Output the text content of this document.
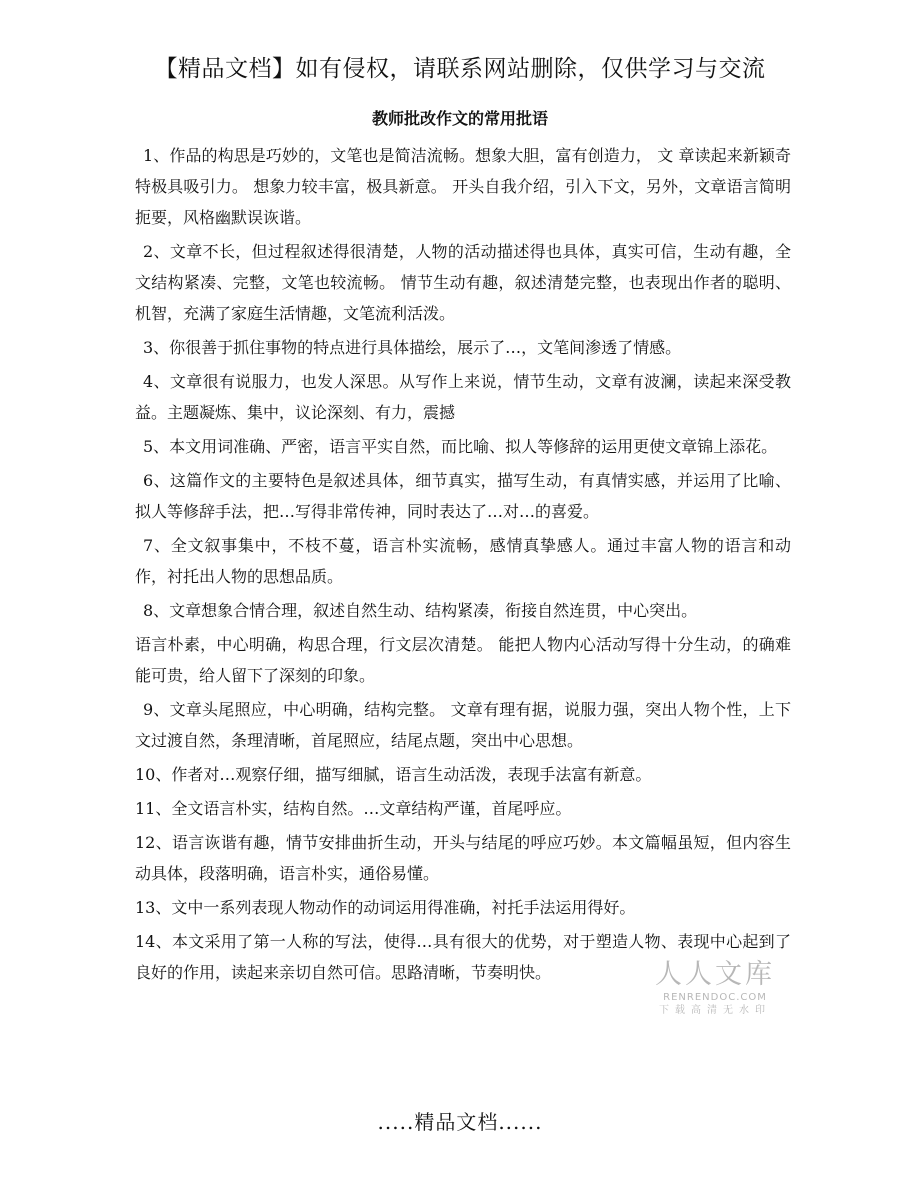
【精品文档】如有侵权，请联系网站删除，仅供学习与交流
教师批改作文的常用批语

1、作品的构思是巧妙的，文笔也是简洁流畅。想象大胆，富有创造力， 文 章读起来新颖奇特极具吸引力。 想象力较丰富，极具新意。 开头自我介绍，引入下文，另外，文章语言简明扼要，风格幽默误诙谐。

2、文章不长，但过程叙述得很清楚，人物的活动描述得也具体，真实可信，生动有趣，全文结构紧凑、完整，文笔也较流畅。 情节生动有趣，叙述清楚完整，也表现出作者的聪明、机智，充满了家庭生活情趣，文笔流利活泼。

3、你很善于抓住事物的特点进行具体描绘，展示了…，文笔间渗透了情感。

4、文章很有说服力，也发人深思。从写作上来说，情节生动，文章有波澜，读起来深受教益。主题凝炼、集中，议论深刻、有力，震撼

5、本文用词准确、严密，语言平实自然，而比喻、拟人等修辞的运用更使文章锦上添花。

6、这篇作文的主要特色是叙述具体，细节真实，描写生动，有真情实感，并运用了比喻、拟人等修辞手法，把…写得非常传神，同时表达了…对…的喜爱。

7、全文叙事集中，不枝不蔓，语言朴实流畅，感情真挚感人。通过丰富人物的语言和动作，衬托出人物的思想品质。

8、文章想象合情合理，叙述自然生动、结构紧凑，衔接自然连贯，中心突出。

语言朴素，中心明确，构思合理，行文层次清楚。 能把人物内心活动写得十分生动，的确难能可贵，给人留下了深刻的印象。

9、文章头尾照应，中心明确，结构完整。 文章有理有据，说服力强，突出人物个性，上下文过渡自然，条理清晰，首尾照应，结尾点题，突出中心思想。

10、作者对…观察仔细，描写细腻，语言生动活泼，表现手法富有新意。

11、全文语言朴实，结构自然。…文章结构严谨，首尾呼应。

12、语言诙谐有趣，情节安排曲折生动，开头与结尾的呼应巧妙。本文篇幅虽短，但内容生动具体，段落明确，语言朴实，通俗易懂。

13、文中一系列表现人物动作的动词运用得准确，衬托手法运用得好。

14、本文采用了第一人称的写法，使得…具有很大的优势，对于塑造人物、表现中心起到了良好的作用，读起来亲切自然可信。思路清晰，节奏明快。	人人文库
RENRENDOC.COM
下载高清无水印
.....精品文档......
